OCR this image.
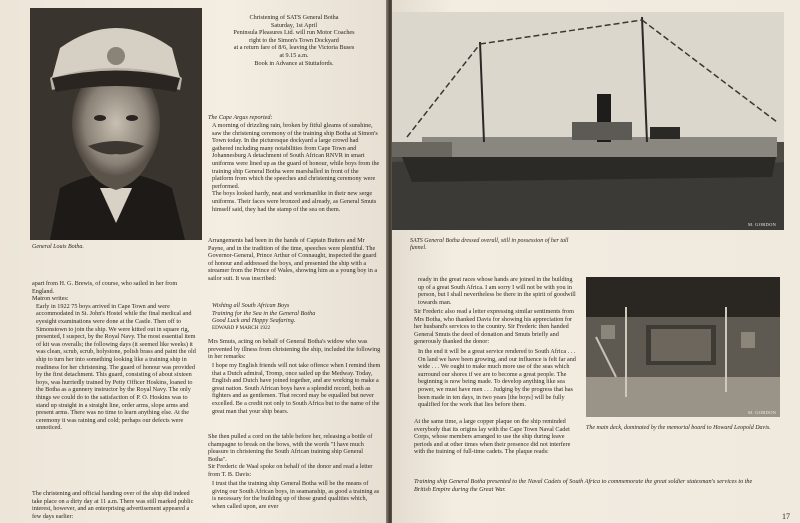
General Louis Botha.

Christening of SATS General Botha

Saturday, 1st April

Peninsula Pleasures Ltd. will run Motor Coaches

right to the Simon's Town Dockyard

at a return fare of 8/6, leaving the Victoria Buses

at 9.15 a.m.

Book in Advance at Stuttafords.

The Cape Argus reported:

A morning of drizzling rain, broken by fitful gleams of sunshine, saw the christening ceremony of the training ship Botha at Simon's Town today. In the picturesque dockyard a large crowd had gathered including many notabilities from Cape Town and Johannesburg A detachment of South African RNVR in smart uniforms were lined up as the guard of honour, while boys from the training ship General Botha were marshalled in front of the platform from which the speeches and christening ceremony were performed.

The boys looked hardy, neat and workmanlike in their new serge uniforms. Their faces were bronzed and already, as General Smuts himself said, they had the stamp of the sea on them.

Arrangements had been in the hands of Captain Butters and Mr Payne, and in the tradition of the time, speeches were plentiful. The Governor-General, Prince Arthur of Connaught, inspected the guard of honour and addressed the boys, and presented the ship with a streamer from the Prince of Wales, showing him as a young boy in a sailor suit. It was inscribed:

Wishing all South African Boys

Training for the Sea in the General Botha

Good Luck and Happy Seafaring.

EDWARD P MARCH 1922

Mrs Smuts, acting on behalf of General Botha's widow who was prevented by illness from christening the ship, included the following in her remarks:
I hope my English friends will not take offence when I remind them that a Dutch admiral, Tromp, once sailed up the Medway. Today, English and Dutch have joined together, and are working to make a great nation. South African boys have a splendid record, both as fighters and as gentlemen. That record may be equalled but never excelled. Be a credit not only to South Africa but to the name of the great man that your ship bears.
She then pulled a cord on the table before her, releasing a bottle of champagne to break on the bows, with the words "I have much pleasure in christening the South African training ship General Botha".
Sir Frederic de Waal spoke on behalf of the donor and read a letter from T. B. Davis:
I trust that the training ship General Botha will be the means of giving our South African boys, in seamanship, as good a training as is necessary for the building up of those grand qualities which, when called upon, are ever

apart from H. G. Brewis, of course, who sailed in her from England.

Matron writes:

Early in 1922 75 boys arrived in Cape Town and were accommodated in St. John's Hostel while the final medical and eyesight examinations were done at the Castle. Then off to Simonstown to join the ship. We were kitted out in square rig, presented, I suspect, by the Royal Navy. The most essential item of kit was overalls; the following days (it seemed like weeks) it was clean, scrub, scrub, holystone, polish brass and paint the old ship to turn her into something looking like a training ship in readiness for her christening. The guard of honour was provided by the first detachment. This guard, consisting of about sixteen boys, was hurriedly trained by Petty Officer Hoskins, loaned to the Botha as a gunnery instructor by the Royal Navy. The only things we could do to the satisfaction of P. O. Hoskins was to stand up straight in a straight line, order arms, slope arms and present arms. There was no time to learn anything else. At the ceremony it was raining and cold; perhaps our defects were unnoticed.

The christening and official handing over of the ship did indeed take place on a dirty day at 11 a.m. There was still marked public interest, however, and an enterprising advertisement appeared a few days earlier:
M. GORDON
SATS General Botha dressed overall, still in possession of her tall funnel.
M. GORDON
The main deck, dominated by the memorial board to Howard Leopold Davis.
ready in the great races whose hands are joined in the building up of a great South Africa. I am sorry I will not be with you in person, but I shall nevertheless be there in the spirit of goodwill towards man.
Sir Frederic also read a letter expressing similar sentiments from Mrs Botha, who thanked Davis for showing his appreciation for her husband's services to the country. Sir Frederic then handed General Smuts the deed of donation and Smuts briefly and generously thanked the donor:
In the end it will be a great service rendered to South Africa . . . On land we have been growing, and our influence is felt far and wide . . . We ought to make much more use of the seas which surround our shores if we are to become a great people. The beginning is now being made. To develop anything like sea power, we must have men . . . Judging by the progress that has been made in ten days, in two years [the boys] will be fully qualified for the work that lies before them.
At the same time, a large copper plaque on the ship reminded everybody that its origins lay with the Cape Town Naval Cadet Corps, whose members arranged to use the ship during leave periods and at other times when their presence did not interfere with the training of full-time cadets. The plaque reads:
Training ship General Botha presented to the Naval Cadets of South Africa to commemorate the great soldier statesman's services to the British Empire during the Great War.
17
